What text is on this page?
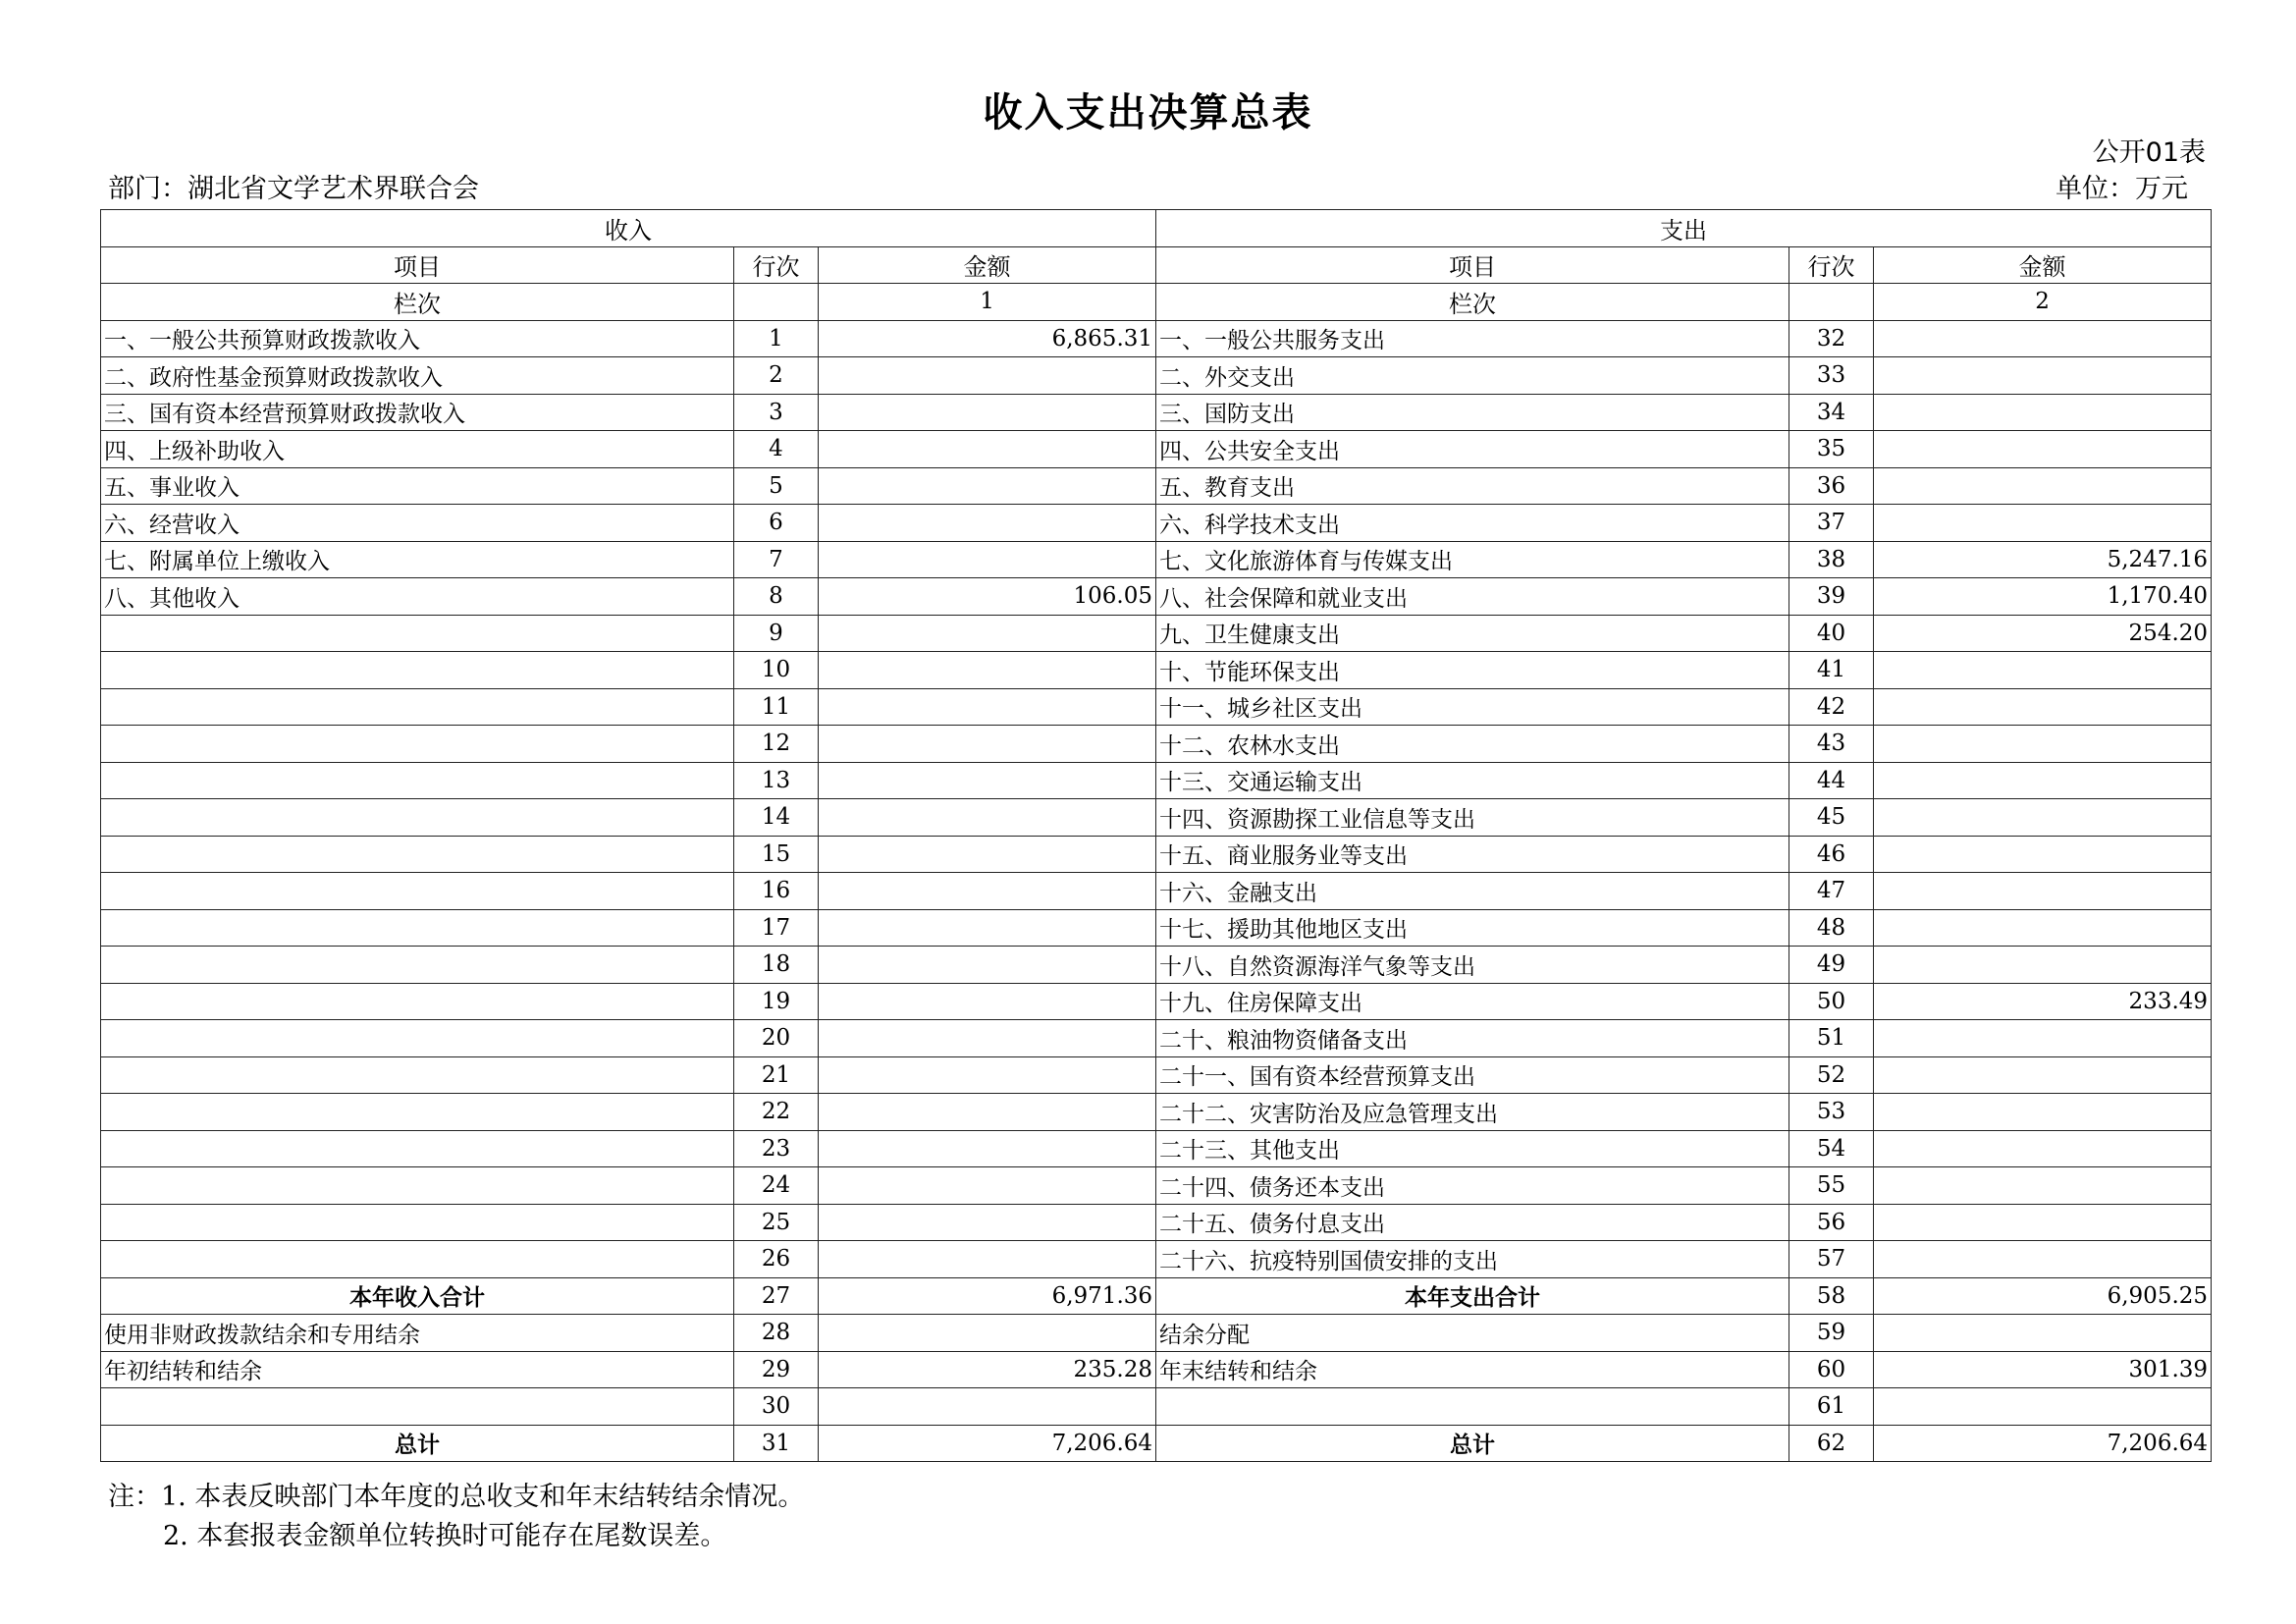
收入支出决算总表
公开01表
部门：湖北省文学艺术界联合会	单位：万元
收入			支出		
项目	行次	金额	项目	行次	金额
栏次		1	栏次		2
一、一般公共预算财政拨款收入	1	6,865.31	一、一般公共服务支出	32	
二、政府性基金预算财政拨款收入	2		二、外交支出	33	
三、国有资本经营预算财政拨款收入	3		三、国防支出	34	
四、上级补助收入	4		四、公共安全支出	35	
五、事业收入	5		五、教育支出	36	
六、经营收入	6		六、科学技术支出	37	
七、附属单位上缴收入	7		七、文化旅游体育与传媒支出	38	5,247.16
八、其他收入	8	106.05	八、社会保障和就业支出	39	1,170.40
	9		九、卫生健康支出	40	254.20
	10		十、节能环保支出	41	
	11		十一、城乡社区支出	42	
	12		十二、农林水支出	43	
	13		十三、交通运输支出	44	
	14		十四、资源勘探工业信息等支出	45	
	15		十五、商业服务业等支出	46	
	16		十六、金融支出	47	
	17		十七、援助其他地区支出	48	
	18		十八、自然资源海洋气象等支出	49	
	19		十九、住房保障支出	50	233.49
	20		二十、粮油物资储备支出	51	
	21		二十一、国有资本经营预算支出	52	
	22		二十二、灾害防治及应急管理支出	53	
	23		二十三、其他支出	54	
	24		二十四、债务还本支出	55	
	25		二十五、债务付息支出	56	
	26		二十六、抗疫特别国债安排的支出	57	
本年收入合计	27	6,971.36	本年支出合计	58	6,905.25
使用非财政拨款结余和专用结余	28		结余分配	59	
年初结转和结余	29	235.28	年末结转和结余	60	301.39
	30			61	
总计	31	7,206.64	总计	62	7,206.64
注：1. 本表反映部门本年度的总收支和年末结转结余情况。
2. 本套报表金额单位转换时可能存在尾数误差。
